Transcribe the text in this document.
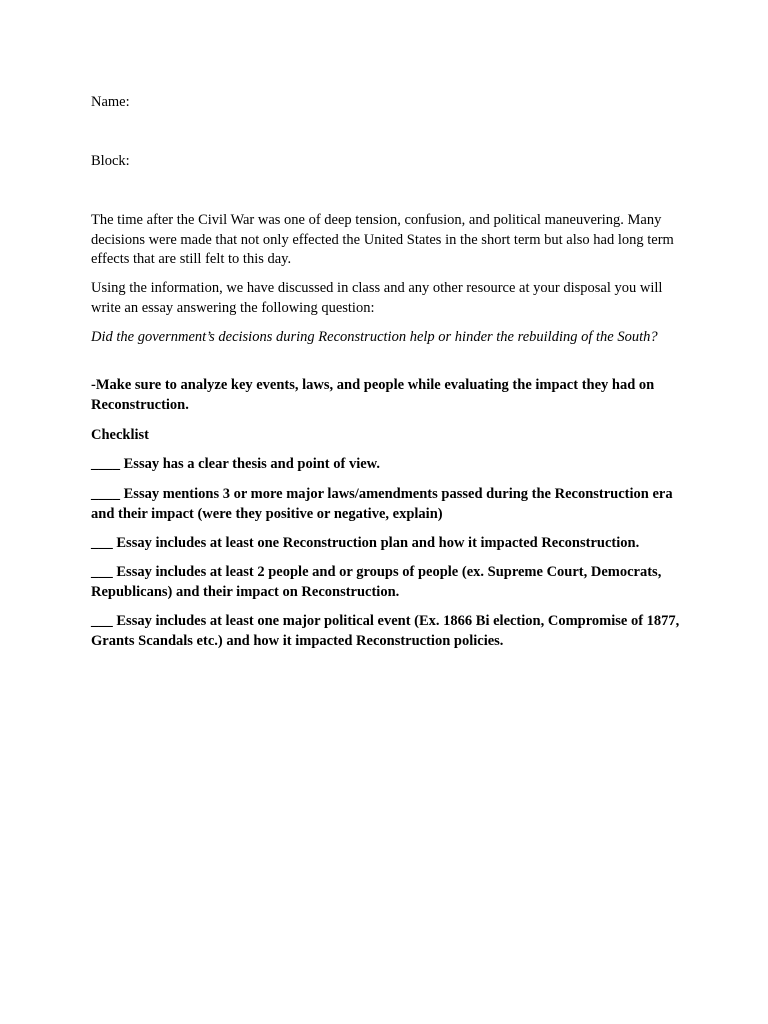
Name:

Block:

The time after the Civil War was one of deep tension, confusion, and political maneuvering. Many decisions were made that not only effected the United States in the short term but also had long term effects that are still felt to this day.

Using the information, we have discussed in class and any other resource at your disposal you will write an essay answering the following question:

Did the government’s decisions during Reconstruction help or hinder the rebuilding of the South?

-Make sure to analyze key events, laws, and people while evaluating the impact they had on Reconstruction.

Checklist

____ Essay has a clear thesis and point of view.

____ Essay mentions 3 or more major laws/amendments passed during the Reconstruction era and their impact (were they positive or negative, explain)

___ Essay includes at least one Reconstruction plan and how it impacted Reconstruction.

___ Essay includes at least 2 people and or groups of people (ex. Supreme Court, Democrats, Republicans) and their impact on Reconstruction.

___ Essay includes at least one major political event (Ex. 1866 Bi election, Compromise of 1877, Grants Scandals etc.) and how it impacted Reconstruction policies.
